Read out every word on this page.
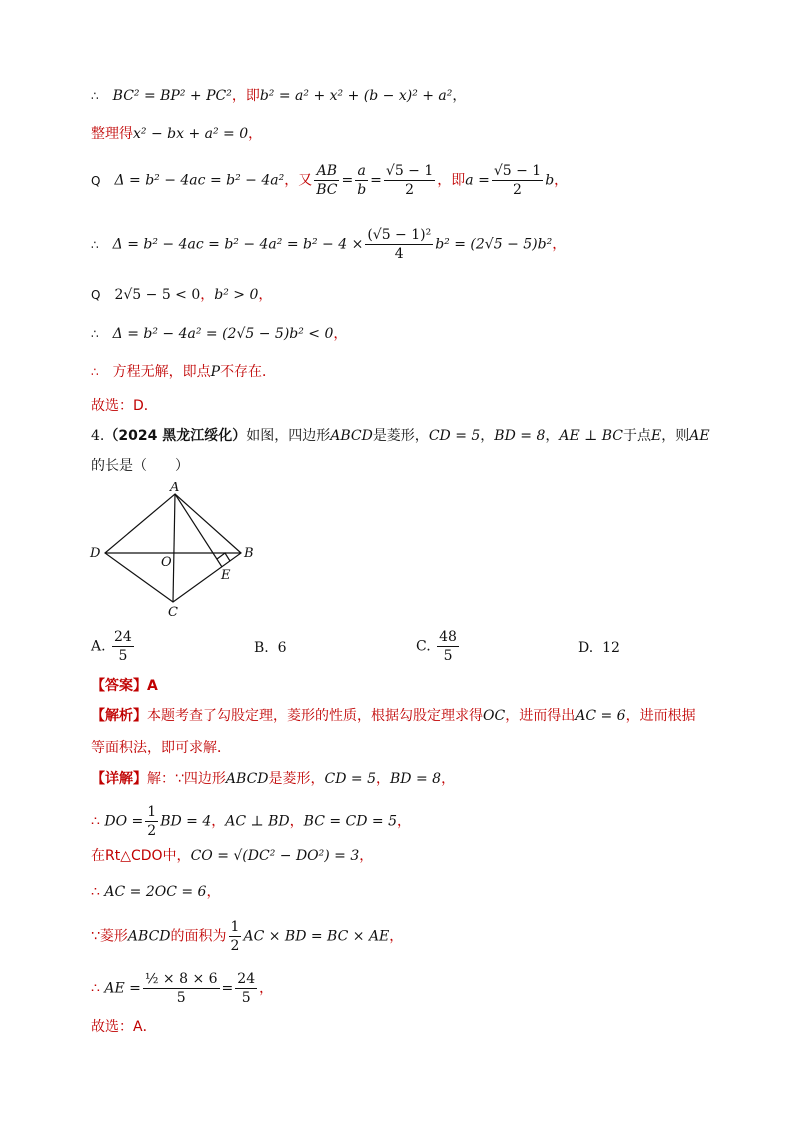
∴ BC² = BP² + PC²，即b² = a² + x² + (b − x)² + a²，
整理得x² − bx + a² = 0，
Q Δ = b² − 4ac = b² − 4a²，又 $\frac{AB}{BC} = \frac{a}{b} = \frac{√5 - 1}{2}$ ，即$a = \frac{√5 - 1}{2}$ b，
∴ $\Delta = b^2 - 4ac = b^2 - 4a^2 = b^2 - 4 \times \frac{\text{(√5 − 1)²}}{4} b^2 = (2√5 - 5)b^2$，
Q 2√5 − 5 < 0，b² > 0，
∴ Δ = b² − 4a² = (2√5 − 5)b² < 0，
∴ 方程无解，即点P不存在．
故选：D．
4.（2024 黑龙江绥化）如图，四边形ABCD是菱形，CD = 5，BD = 8，AE ⊥ BC于点E，则AE
的长是（　　）
A
B
C
D
O
E
A. $\frac{24}{5}$	B. 6	C. $\frac{48}{5}$	D. 12
【答案】A
【解析】本题考查了勾股定理，菱形的性质，根据勾股定理求得OC，进而得出AC = 6，进而根据
等面积法，即可求解．
【详解】解：∵四边形ABCD是菱形，CD = 5，BD = 8，
∴ DO = $\frac{1}{2}$ BD = 4，AC ⊥ BD，BC = CD = 5，
在Rt△CDO中，CO = √(DC² − DO²) = 3，
∴ AC = 2OC = 6，
∵菱形ABCD的面积为 $\frac{1}{2}$ AC × BD = BC × AE，
∴ AE = $\frac{\text{½ × 8 × 6}}{5} = \frac{24}{5}$ ，
故选：A．
